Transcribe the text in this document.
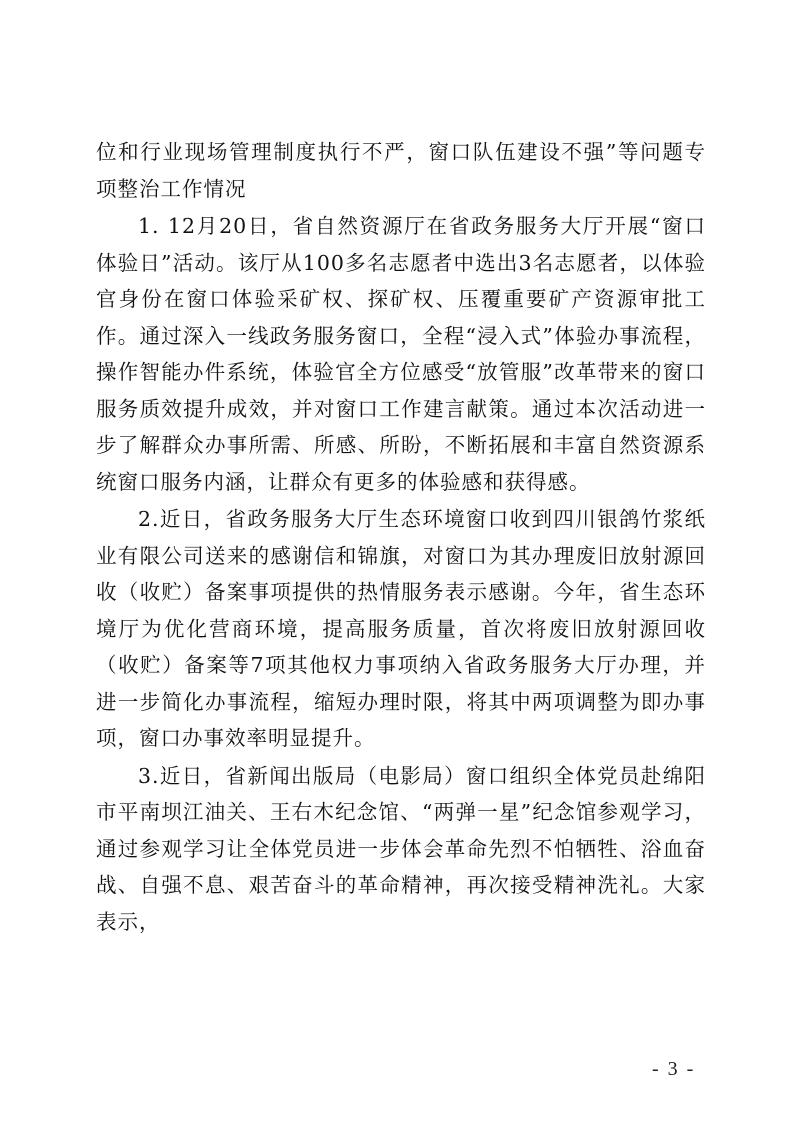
位和行业现场管理制度执行不严，窗口队伍建设不强”等问题专项整治工作情况

1. 12月20日，省自然资源厅在省政务服务大厅开展“窗口体验日”活动。该厅从100多名志愿者中选出3名志愿者，以体验官身份在窗口体验采矿权、探矿权、压覆重要矿产资源审批工作。通过深入一线政务服务窗口，全程“浸入式”体验办事流程，操作智能办件系统，体验官全方位感受“放管服”改革带来的窗口服务质效提升成效，并对窗口工作建言献策。通过本次活动进一步了解群众办事所需、所感、所盼，不断拓展和丰富自然资源系统窗口服务内涵，让群众有更多的体验感和获得感。

2.近日，省政务服务大厅生态环境窗口收到四川银鸽竹浆纸业有限公司送来的感谢信和锦旗，对窗口为其办理废旧放射源回收（收贮）备案事项提供的热情服务表示感谢。今年，省生态环境厅为优化营商环境，提高服务质量，首次将废旧放射源回收（收贮）备案等7项其他权力事项纳入省政务服务大厅办理，并进一步简化办事流程，缩短办理时限，将其中两项调整为即办事项，窗口办事效率明显提升。

3.近日，省新闻出版局（电影局）窗口组织全体党员赴绵阳市平南坝江油关、王右木纪念馆、“两弹一星”纪念馆参观学习，通过参观学习让全体党员进一步体会革命先烈不怕牺牲、浴血奋战、自强不息、艰苦奋斗的革命精神，再次接受精神洗礼。大家表示，

- 3 -
